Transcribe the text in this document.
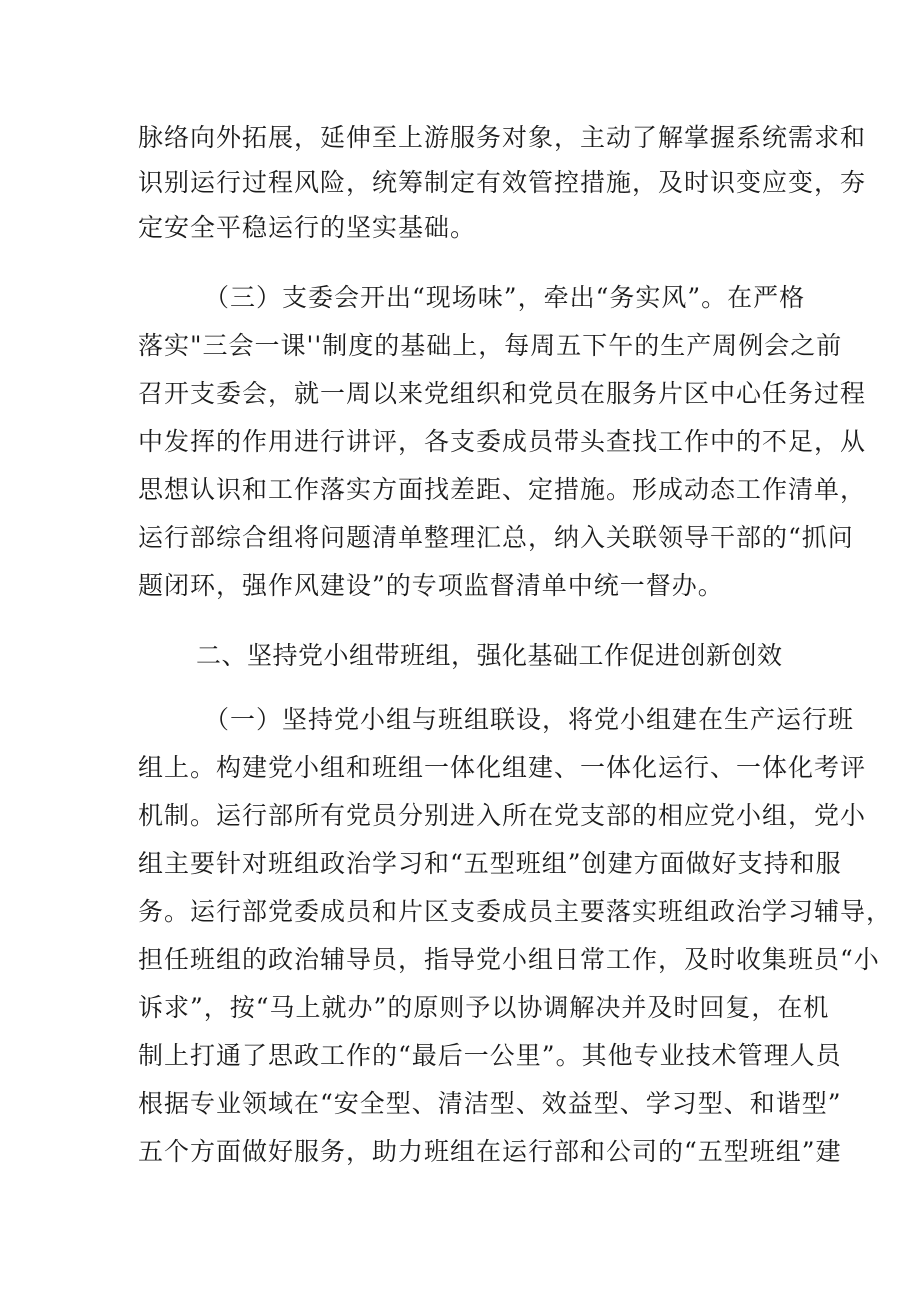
脉络向外拓展，延伸至上游服务对象，主动了解掌握系统需求和
识别运行过程风险，统筹制定有效管控措施，及时识变应变，夯
定安全平稳运行的坚实基础。
（三）支委会开出“现场味”，牵出“务实风”。在严格
落实"三会一课''制度的基础上，每周五下午的生产周例会之前
召开支委会，就一周以来党组织和党员在服务片区中心任务过程
中发挥的作用进行讲评，各支委成员带头查找工作中的不足，从
思想认识和工作落实方面找差距、定措施。形成动态工作清单，
运行部综合组将问题清单整理汇总，纳入关联领导干部的“抓问
题闭环，强作风建设”的专项监督清单中统一督办。
二、坚持党小组带班组，强化基础工作促进创新创效
（一）坚持党小组与班组联设，将党小组建在生产运行班
组上。构建党小组和班组一体化组建、一体化运行、一体化考评
机制。运行部所有党员分别进入所在党支部的相应党小组，党小
组主要针对班组政治学习和“五型班组”创建方面做好支持和服
务。运行部党委成员和片区支委成员主要落实班组政治学习辅导，
担任班组的政治辅导员，指导党小组日常工作，及时收集班员“小
诉求”，按“马上就办”的原则予以协调解决并及时回复，在机
制上打通了思政工作的“最后一公里”。其他专业技术管理人员
根据专业领域在“安全型、清洁型、效益型、学习型、和谐型”
五个方面做好服务，助力班组在运行部和公司的“五型班组”建
